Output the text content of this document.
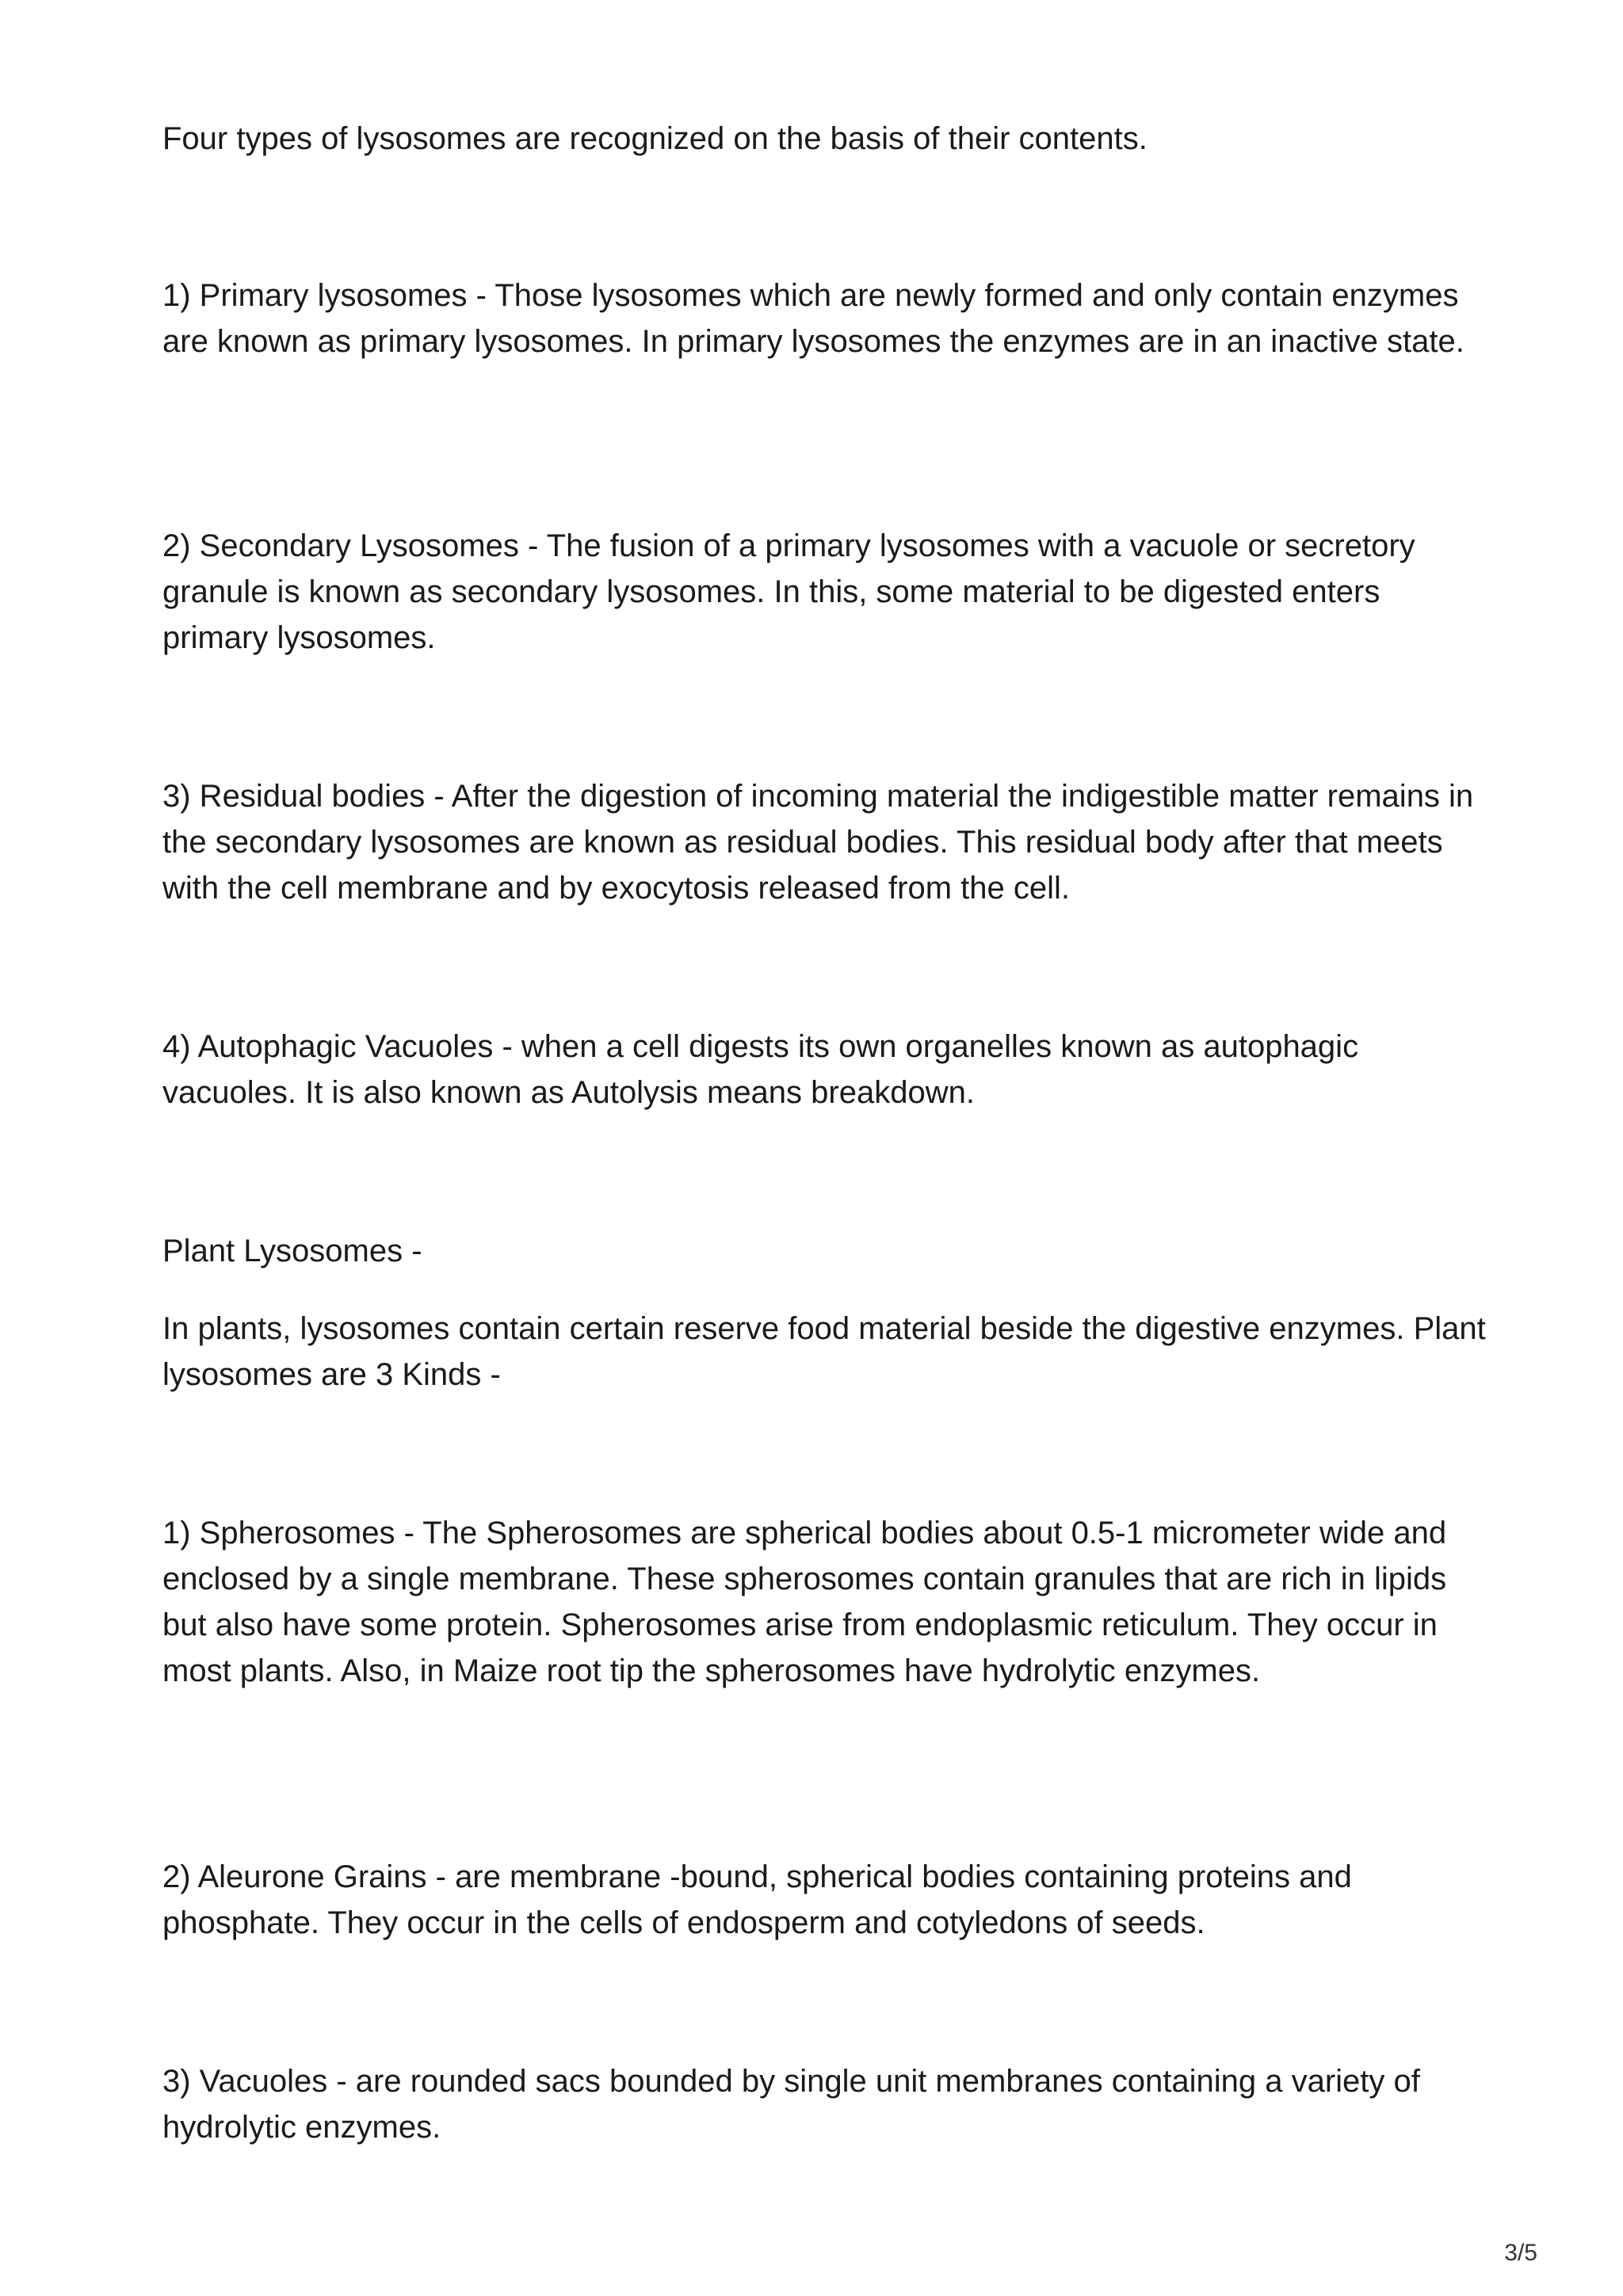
Four types of lysosomes are recognized on the basis of their contents.

1) Primary lysosomes - Those lysosomes which are newly formed and only contain enzymes are known as primary lysosomes. In primary lysosomes the enzymes are in an inactive state.

2) Secondary Lysosomes - The fusion of a primary lysosomes with a vacuole or secretory granule is known as secondary lysosomes. In this, some material to be digested enters primary lysosomes.

3) Residual bodies - After the digestion of incoming material the indigestible matter remains in the secondary lysosomes are known as residual bodies. This residual body after that meets with the cell membrane and by exocytosis released from the cell.

4) Autophagic Vacuoles - when a cell digests its own organelles known as autophagic vacuoles. It is also known as Autolysis means breakdown.

Plant Lysosomes -

In plants, lysosomes contain certain reserve food material beside the digestive enzymes. Plant lysosomes are 3 Kinds -

1) Spherosomes - The Spherosomes are spherical bodies about 0.5-1 micrometer wide and enclosed by a single membrane. These spherosomes contain granules that are rich in lipids but also have some protein. Spherosomes arise from endoplasmic reticulum. They occur in most plants. Also, in Maize root tip the spherosomes have hydrolytic enzymes.

2) Aleurone Grains - are membrane -bound, spherical bodies containing proteins and phosphate. They occur in the cells of endosperm and cotyledons of seeds.

3) Vacuoles - are rounded sacs bounded by single unit membranes containing a variety of hydrolytic enzymes.

3/5
